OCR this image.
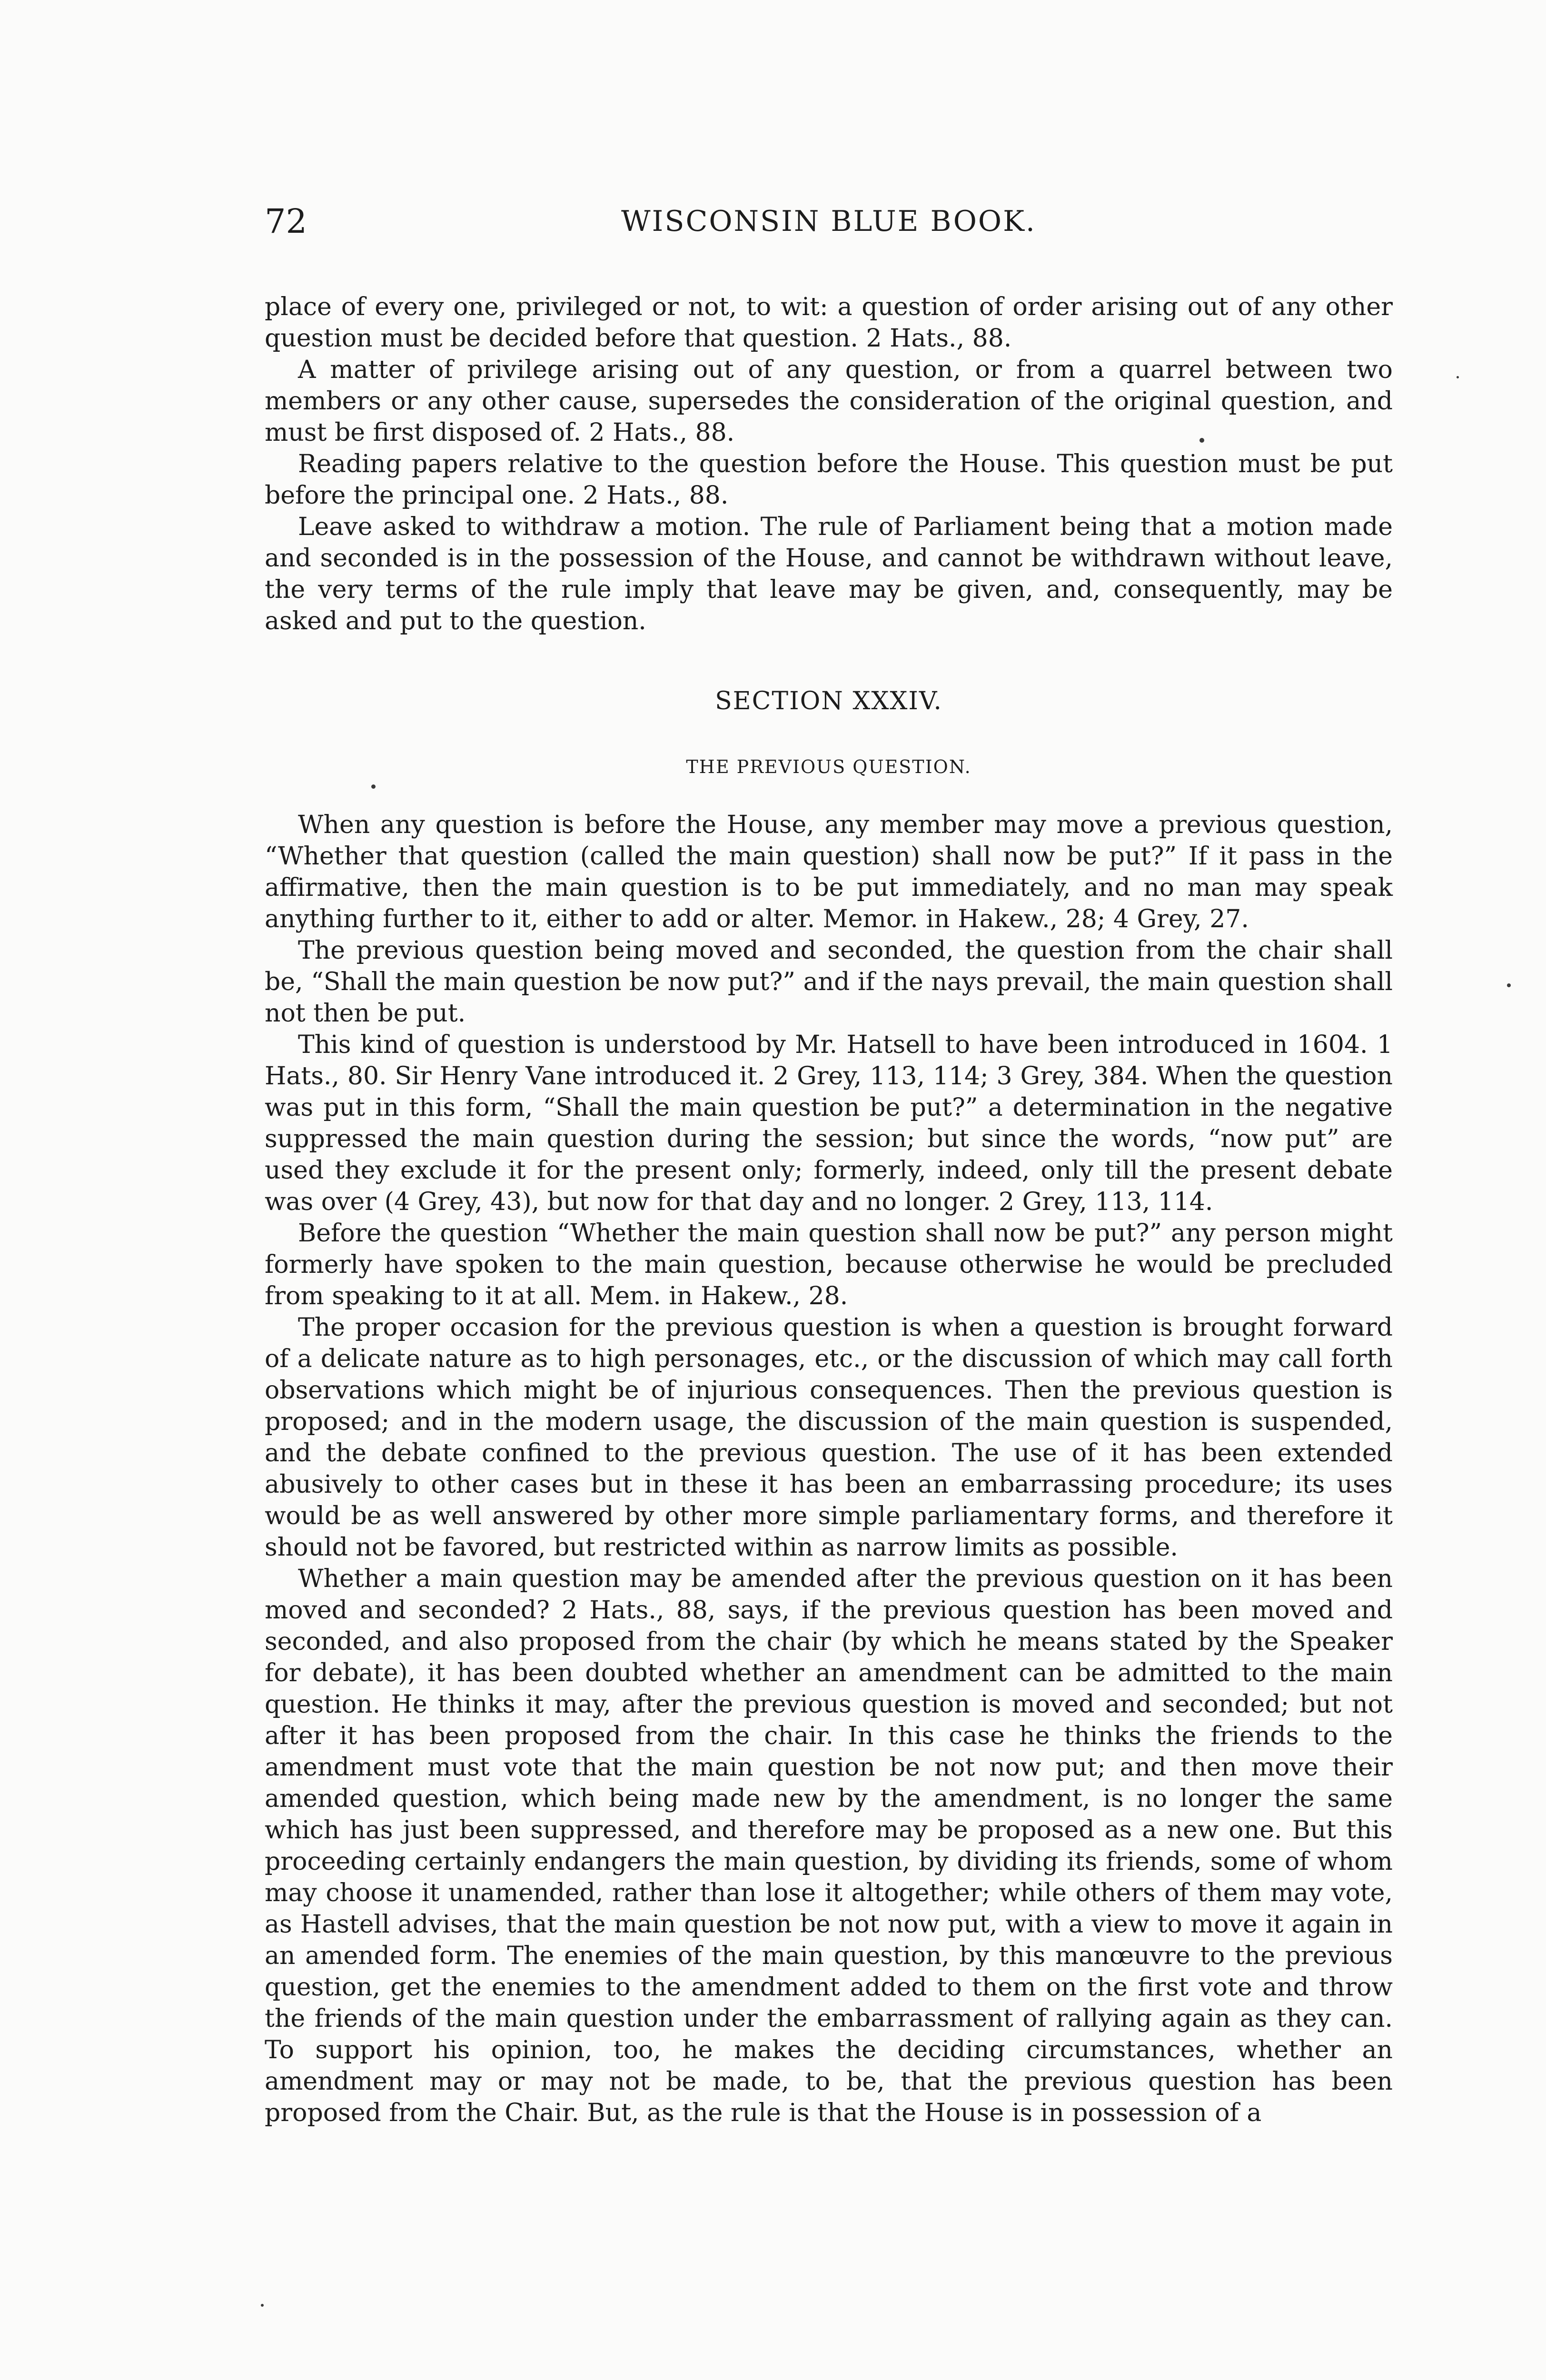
72	WISCONSIN BLUE BOOK.

place of every one, privileged or not, to wit: a question of order arising out of any other question must be decided before that question. 2 Hats., 88.

A matter of privilege arising out of any question, or from a quarrel between two members or any other cause, supersedes the consideration of the original question, and must be first disposed of. 2 Hats., 88.

Reading papers relative to the question before the House. This question must be put before the principal one. 2 Hats., 88.

Leave asked to withdraw a motion. The rule of Parliament being that a motion made and seconded is in the possession of the House, and cannot be withdrawn without leave, the very terms of the rule imply that leave may be given, and, consequently, may be asked and put to the question.

SECTION XXXIV.
THE PREVIOUS QUESTION.

When any question is before the House, any member may move a previous question, “Whether that question (called the main question) shall now be put?” If it pass in the affirmative, then the main question is to be put immediately, and no man may speak anything further to it, either to add or alter. Memor. in Hakew., 28; 4 Grey, 27.

The previous question being moved and seconded, the question from the chair shall be, “Shall the main question be now put?” and if the nays prevail, the main question shall not then be put.

This kind of question is understood by Mr. Hatsell to have been introduced in 1604. 1 Hats., 80. Sir Henry Vane introduced it. 2 Grey, 113, 114; 3 Grey, 384. When the question was put in this form, “Shall the main question be put?” a determination in the negative suppressed the main question during the session; but since the words, “now put” are used they exclude it for the present only; formerly, indeed, only till the present debate was over (4 Grey, 43), but now for that day and no longer. 2 Grey, 113, 114.

Before the question “Whether the main question shall now be put?” any person might formerly have spoken to the main question, because otherwise he would be precluded from speaking to it at all. Mem. in Hakew., 28.

The proper occasion for the previous question is when a question is brought forward of a delicate nature as to high personages, etc., or the discussion of which may call forth observations which might be of injurious consequences. Then the previous question is proposed; and in the modern usage, the discussion of the main question is suspended, and the debate confined to the previous question. The use of it has been extended abusively to other cases but in these it has been an embarrassing procedure; its uses would be as well answered by other more simple parliamentary forms, and therefore it should not be favored, but restricted within as narrow limits as possible.

Whether a main question may be amended after the previous question on it has been moved and seconded? 2 Hats., 88, says, if the previous question has been moved and seconded, and also proposed from the chair (by which he means stated by the Speaker for debate), it has been doubted whether an amendment can be admitted to the main question. He thinks it may, after the previous question is moved and seconded; but not after it has been proposed from the chair. In this case he thinks the friends to the amendment must vote that the main question be not now put; and then move their amended question, which being made new by the amendment, is no longer the same which has just been suppressed, and therefore may be proposed as a new one. But this proceeding certainly endangers the main question, by dividing its friends, some of whom may choose it unamended, rather than lose it altogether; while others of them may vote, as Hastell advises, that the main question be not now put, with a view to move it again in an amended form. The enemies of the main question, by this manœuvre to the previous question, get the enemies to the amendment added to them on the first vote and throw the friends of the main question under the embarrassment of rallying again as they can. To support his opinion, too, he makes the deciding circumstances, whether an amendment may or may not be made, to be, that the previous question has been proposed from the Chair. But, as the rule is that the House is in possession of a
